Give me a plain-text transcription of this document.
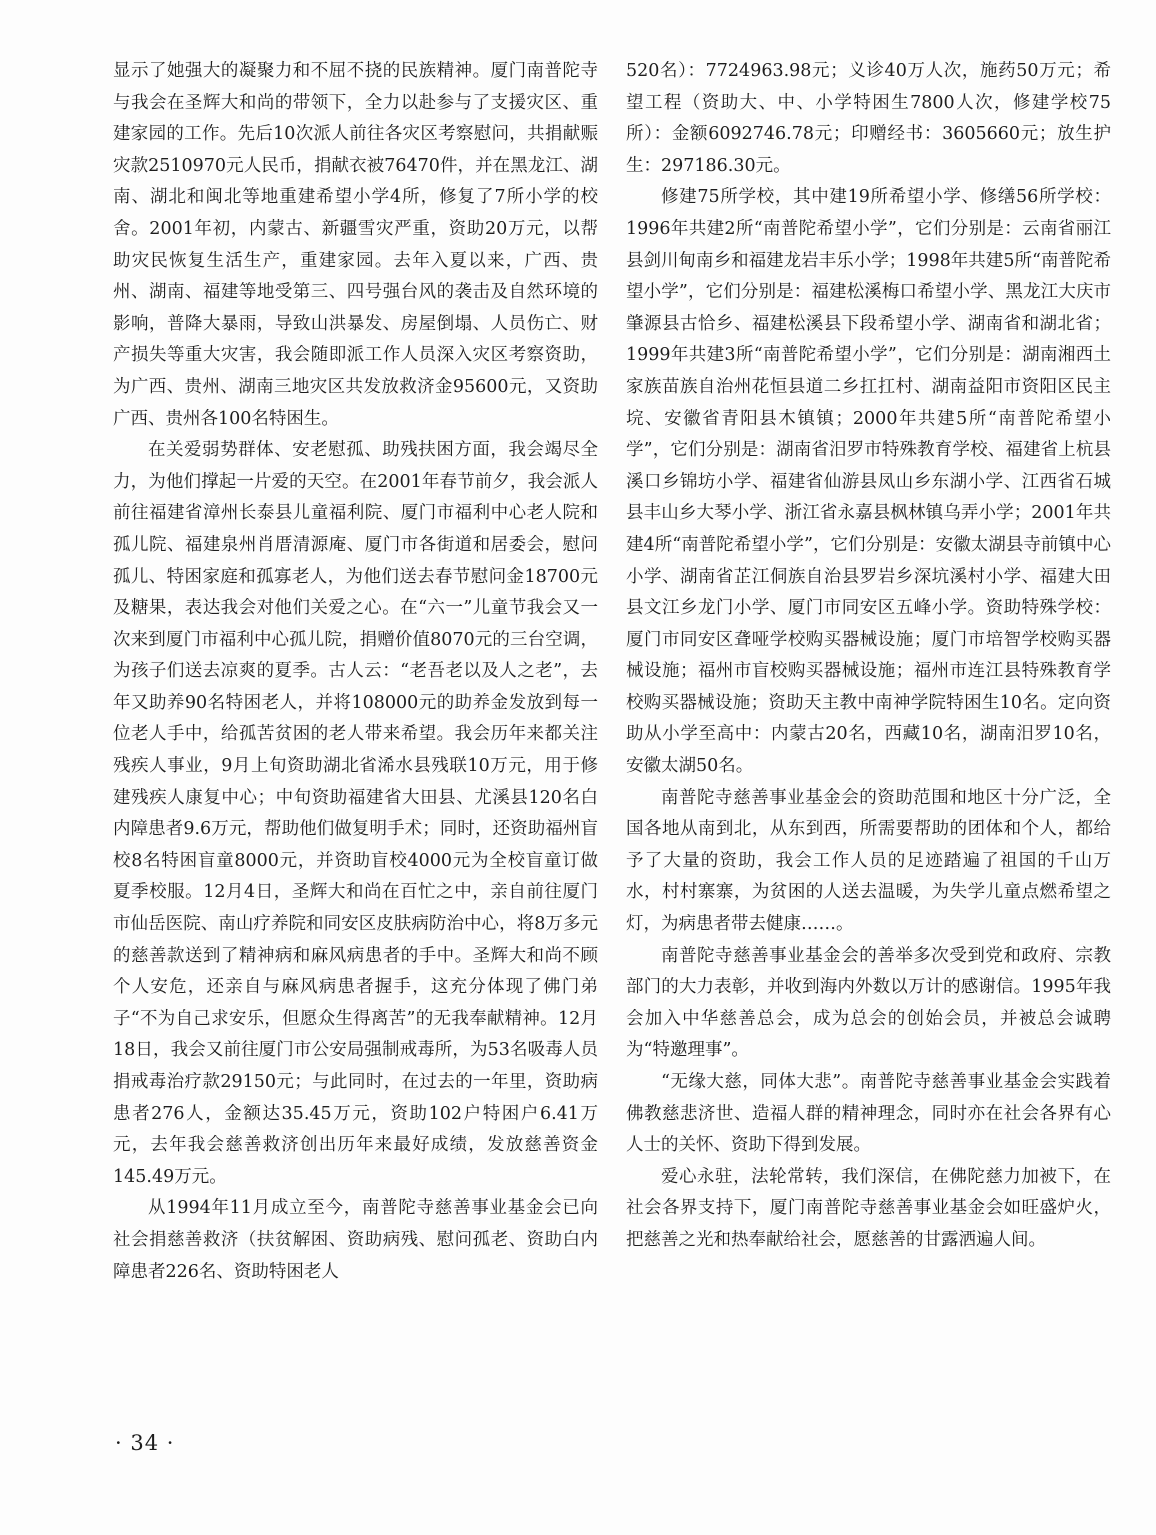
显示了她强大的凝聚力和不屈不挠的民族精神。厦门南普陀寺与我会在圣辉大和尚的带领下，全力以赴参与了支援灾区、重建家园的工作。先后10次派人前往各灾区考察慰问，共捐献赈灾款2510970元人民币，捐献衣被76470件，并在黑龙江、湖南、湖北和闽北等地重建希望小学4所，修复了7所小学的校舍。2001年初，内蒙古、新疆雪灾严重，资助20万元，以帮助灾民恢复生活生产，重建家园。去年入夏以来，广西、贵州、湖南、福建等地受第三、四号强台风的袭击及自然环境的影响，普降大暴雨，导致山洪暴发、房屋倒塌、人员伤亡、财产损失等重大灾害，我会随即派工作人员深入灾区考察资助，为广西、贵州、湖南三地灾区共发放救济金95600元，又资助广西、贵州各100名特困生。

在关爱弱势群体、安老慰孤、助残扶困方面，我会竭尽全力，为他们撑起一片爱的天空。在2001年春节前夕，我会派人前往福建省漳州长泰县儿童福利院、厦门市福利中心老人院和孤儿院、福建泉州肖厝清源庵、厦门市各街道和居委会，慰问孤儿、特困家庭和孤寡老人，为他们送去春节慰问金18700元及糖果，表达我会对他们关爱之心。在“六一”儿童节我会又一次来到厦门市福利中心孤儿院，捐赠价值8070元的三台空调，为孩子们送去凉爽的夏季。古人云：“老吾老以及人之老”，去年又助养90名特困老人，并将108000元的助养金发放到每一位老人手中，给孤苦贫困的老人带来希望。我会历年来都关注残疾人事业，9月上旬资助湖北省浠水县残联10万元，用于修建残疾人康复中心；中旬资助福建省大田县、尤溪县120名白内障患者9.6万元，帮助他们做复明手术；同时，还资助福州盲校8名特困盲童8000元，并资助盲校4000元为全校盲童订做夏季校服。12月4日，圣辉大和尚在百忙之中，亲自前往厦门市仙岳医院、南山疗养院和同安区皮肤病防治中心，将8万多元的慈善款送到了精神病和麻风病患者的手中。圣辉大和尚不顾个人安危，还亲自与麻风病患者握手，这充分体现了佛门弟子“不为自己求安乐，但愿众生得离苦”的无我奉献精神。12月18日，我会又前往厦门市公安局强制戒毒所，为53名吸毒人员捐戒毒治疗款29150元；与此同时，在过去的一年里，资助病患者276人，金额达35.45万元，资助102户特困户6.41万元，去年我会慈善救济创出历年来最好成绩，发放慈善资金145.49万元。

从1994年11月成立至今，南普陀寺慈善事业基金会已向社会捐慈善救济（扶贫解困、资助病残、慰问孤老、资助白内障患者226名、资助特困老人

520名）：7724963.98元；义诊40万人次，施药50万元；希望工程（资助大、中、小学特困生7800人次，修建学校75所）：金额6092746.78元；印赠经书：3605660元；放生护生：297186.30元。

修建75所学校，其中建19所希望小学、修缮56所学校：1996年共建2所“南普陀希望小学”，它们分别是：云南省丽江县剑川甸南乡和福建龙岩丰乐小学；1998年共建5所“南普陀希望小学”，它们分别是：福建松溪梅口希望小学、黑龙江大庆市肇源县古恰乡、福建松溪县下段希望小学、湖南省和湖北省；1999年共建3所“南普陀希望小学”，它们分别是：湖南湘西土家族苗族自治州花恒县道二乡扛扛村、湖南益阳市资阳区民主垸、安徽省青阳县木镇镇；2000年共建5所“南普陀希望小学”，它们分别是：湖南省汨罗市特殊教育学校、福建省上杭县溪口乡锦坊小学、福建省仙游县凤山乡东湖小学、江西省石城县丰山乡大琴小学、浙江省永嘉县枫林镇乌弄小学；2001年共建4所“南普陀希望小学”，它们分别是：安徽太湖县寺前镇中心小学、湖南省芷江侗族自治县罗岩乡深坑溪村小学、福建大田县文江乡龙门小学、厦门市同安区五峰小学。资助特殊学校：厦门市同安区聋哑学校购买器械设施；厦门市培智学校购买器械设施；福州市盲校购买器械设施；福州市连江县特殊教育学校购买器械设施；资助天主教中南神学院特困生10名。定向资助从小学至高中：内蒙古20名，西藏10名，湖南汨罗10名，安徽太湖50名。

南普陀寺慈善事业基金会的资助范围和地区十分广泛，全国各地从南到北，从东到西，所需要帮助的团体和个人，都给予了大量的资助，我会工作人员的足迹踏遍了祖国的千山万水，村村寨寨，为贫困的人送去温暖，为失学儿童点燃希望之灯，为病患者带去健康……。

南普陀寺慈善事业基金会的善举多次受到党和政府、宗教部门的大力表彰，并收到海内外数以万计的感谢信。1995年我会加入中华慈善总会，成为总会的创始会员，并被总会诚聘为“特邀理事”。

“无缘大慈，同体大悲”。南普陀寺慈善事业基金会实践着佛教慈悲济世、造福人群的精神理念，同时亦在社会各界有心人士的关怀、资助下得到发展。

爱心永驻，法轮常转，我们深信，在佛陀慈力加被下，在社会各界支持下，厦门南普陀寺慈善事业基金会如旺盛炉火，把慈善之光和热奉献给社会，愿慈善的甘露洒遍人间。

· 34 ·
